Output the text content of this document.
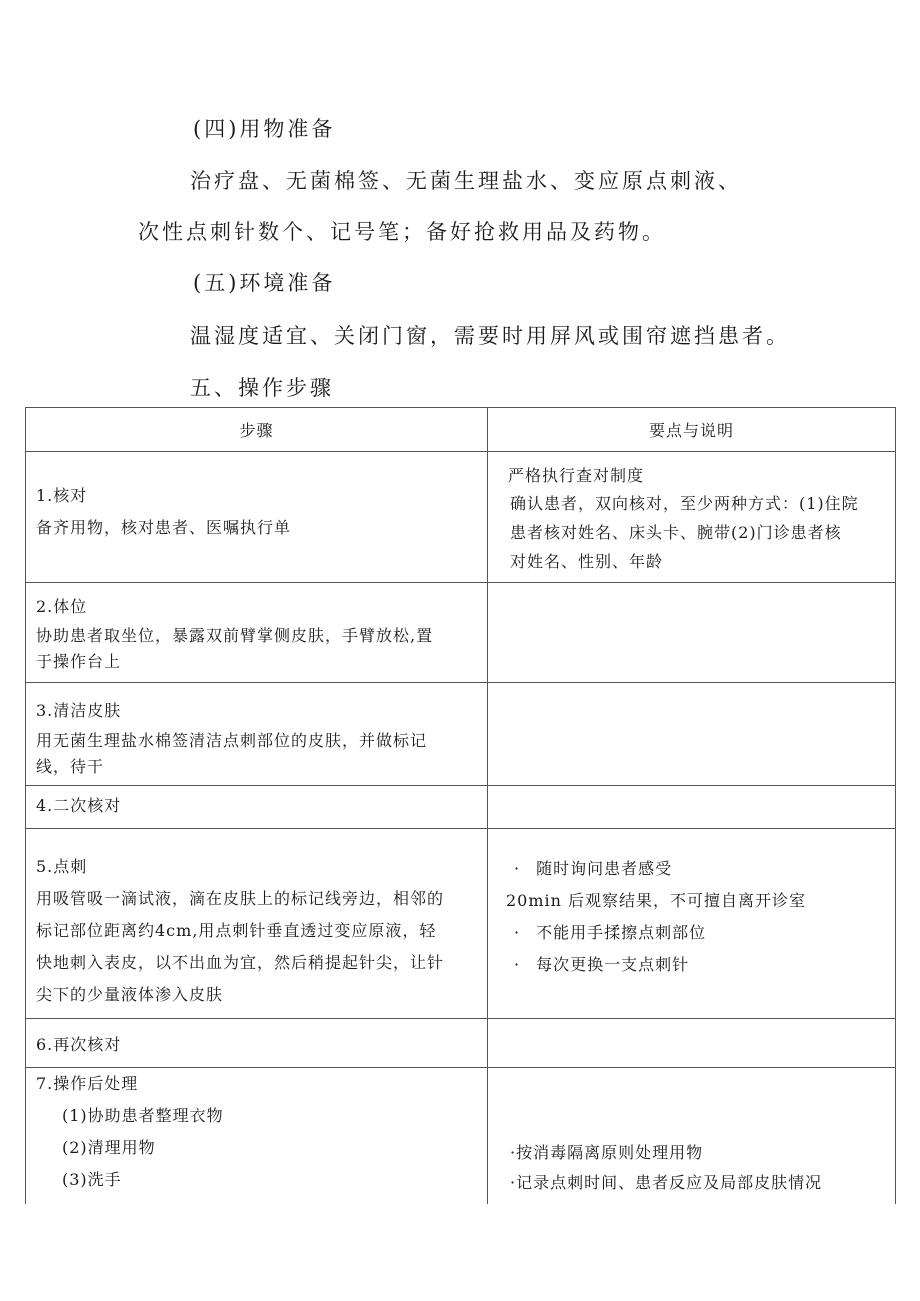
(四)用物准备
治疗盘、无菌棉签、无菌生理盐水、变应原点刺液、
次性点刺针数个、记号笔；备好抢救用品及药物。
(五)环境准备
温湿度适宜、关闭门窗，需要时用屏风或围帘遮挡患者。
五、操作步骤
步骤	要点与说明

1.核对
备齐用物，核对患者、医嘱执行单	严格执行查对制度
确认患者，双向核对，至少两种方式：(1)住院
患者核对姓名、床头卡、腕带(2)门诊患者核
对姓名、性别、年龄

2.体位
协助患者取坐位，暴露双前臂掌侧皮肤，手臂放松,置
于操作台上	

3.清洁皮肤
用无菌生理盐水棉签清洁点刺部位的皮肤，并做标记
线，待干	

4.二次核对	

5.点刺
用吸管吸一滴试液，滴在皮肤上的标记线旁边，相邻的
标记部位距离约4cm,用点刺针垂直透过变应原液，轻
快地刺入表皮，以不出血为宜，然后稍提起针尖，让针
尖下的少量液体渗入皮肤	· 随时询问患者感受
20min 后观察结果，不可擅自离开诊室
· 不能用手揉擦点刺部位
· 每次更换一支点刺针

6.再次核对	

7.操作后处理
(1)协助患者整理衣物
(2)清理用物
(3)洗手	·按消毒隔离原则处理用物
·记录点刺时间、患者反应及局部皮肤情况
